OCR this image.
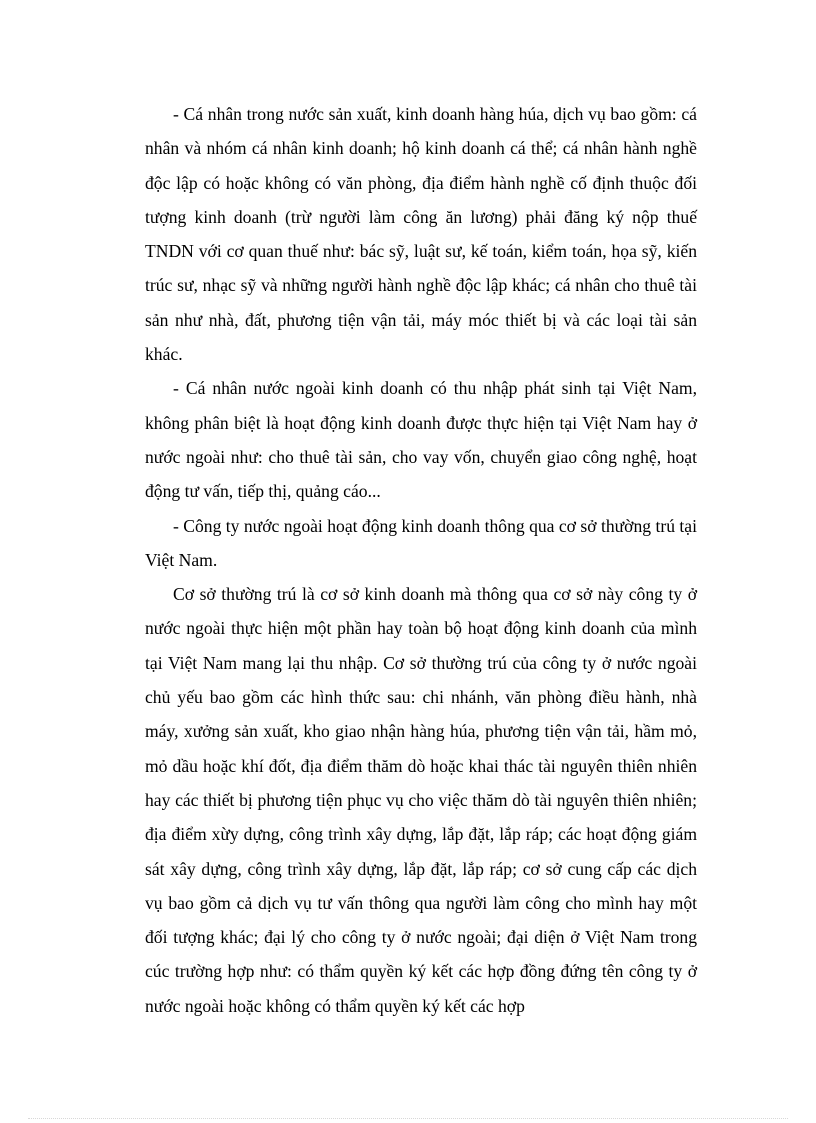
- Cá nhân trong nước sản xuất, kinh doanh hàng húa, dịch vụ bao gồm: cá nhân và nhóm cá nhân kinh doanh; hộ kinh doanh cá thể; cá nhân hành nghề độc lập có hoặc không có văn phòng, địa điểm hành nghề cố định thuộc đối tượng kinh doanh (trừ người làm công ăn lương) phải đăng ký nộp thuế TNDN với cơ quan thuế như: bác sỹ, luật sư, kế toán, kiểm toán, họa sỹ, kiến trúc sư, nhạc sỹ và những người hành nghề độc lập khác; cá nhân cho thuê tài sản như nhà, đất, phương tiện vận tải, máy móc thiết bị và các loại tài sản khác.

- Cá nhân nước ngoài kinh doanh có thu nhập phát sinh tại Việt Nam, không phân biệt là hoạt động kinh doanh được thực hiện tại Việt Nam hay ở nước ngoài như: cho thuê tài sản, cho vay vốn, chuyển giao công nghệ, hoạt động tư vấn, tiếp thị, quảng cáo...

- Công ty nước ngoài hoạt động kinh doanh thông qua cơ sở thường trú tại Việt Nam.

Cơ sở thường trú là cơ sở kinh doanh mà thông qua cơ sở này công ty ở nước ngoài thực hiện một phần hay toàn bộ hoạt động kinh doanh của mình tại Việt Nam mang lại thu nhập. Cơ sở thường trú của công ty ở nước ngoài chủ yếu bao gồm các hình thức sau: chi nhánh, văn phòng điều hành, nhà máy, xưởng sản xuất, kho giao nhận hàng húa, phương tiện vận tải, hầm mỏ, mỏ dầu hoặc khí đốt, địa điểm thăm dò hoặc khai thác tài nguyên thiên nhiên hay các thiết bị phương tiện phục vụ cho việc thăm dò tài nguyên thiên nhiên; địa điểm xừy dựng, công trình xây dựng, lắp đặt, lắp ráp; các hoạt động giám sát xây dựng, công trình xây dựng, lắp đặt, lắp ráp; cơ sở cung cấp các dịch vụ bao gồm cả dịch vụ tư vấn thông qua người làm công cho mình hay một đối tượng khác; đại lý cho công ty ở nước ngoài; đại diện ở Việt Nam trong cúc trường hợp như: có thẩm quyền ký kết các hợp đồng đứng tên công ty ở nước ngoài hoặc không có thẩm quyền ký kết các hợp
